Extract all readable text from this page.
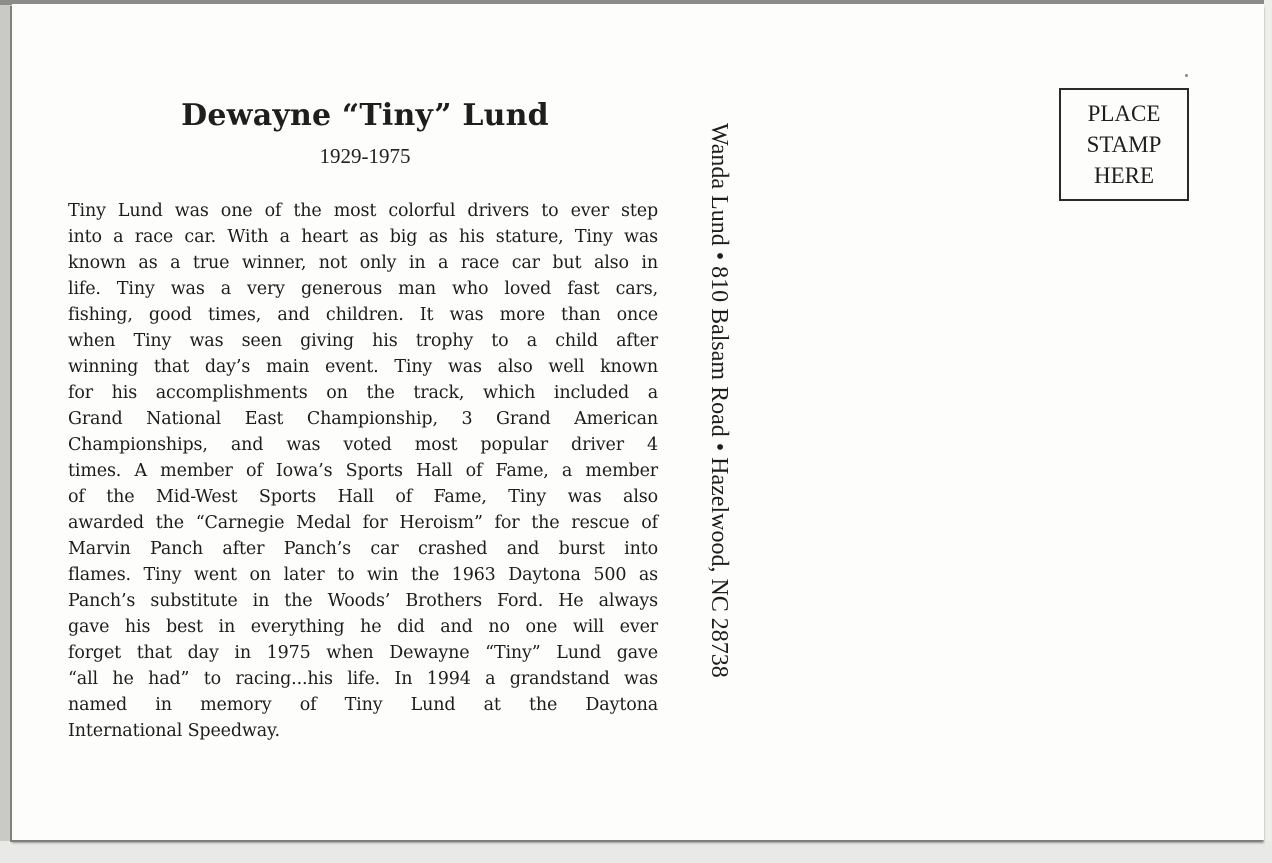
Dewayne “Tiny” Lund
1929-1975
Tiny Lund was one of the most colorful drivers to ever step
into a race car. With a heart as big as his stature, Tiny was
known as a true winner, not only in a race car but also in
life. Tiny was a very generous man who loved fast cars,
fishing, good times, and children. It was more than once
when Tiny was seen giving his trophy to a child after
winning that day’s main event. Tiny was also well known
for his accomplishments on the track, which included a
Grand National East Championship, 3 Grand American
Championships, and was voted most popular driver 4
times. A member of Iowa’s Sports Hall of Fame, a member
of the Mid-West Sports Hall of Fame, Tiny was also
awarded the “Carnegie Medal for Heroism” for the rescue of
Marvin Panch after Panch’s car crashed and burst into
flames. Tiny went on later to win the 1963 Daytona 500 as
Panch’s substitute in the Woods’ Brothers Ford. He always
gave his best in everything he did and no one will ever
forget that day in 1975 when Dewayne “Tiny” Lund gave
“all he had” to racing...his life. In 1994 a grandstand was
named in memory of Tiny Lund at the Daytona
International Speedway.
Wanda Lund • 810 Balsam Road • Hazelwood, NC 28738
PLACE
STAMP
HERE
